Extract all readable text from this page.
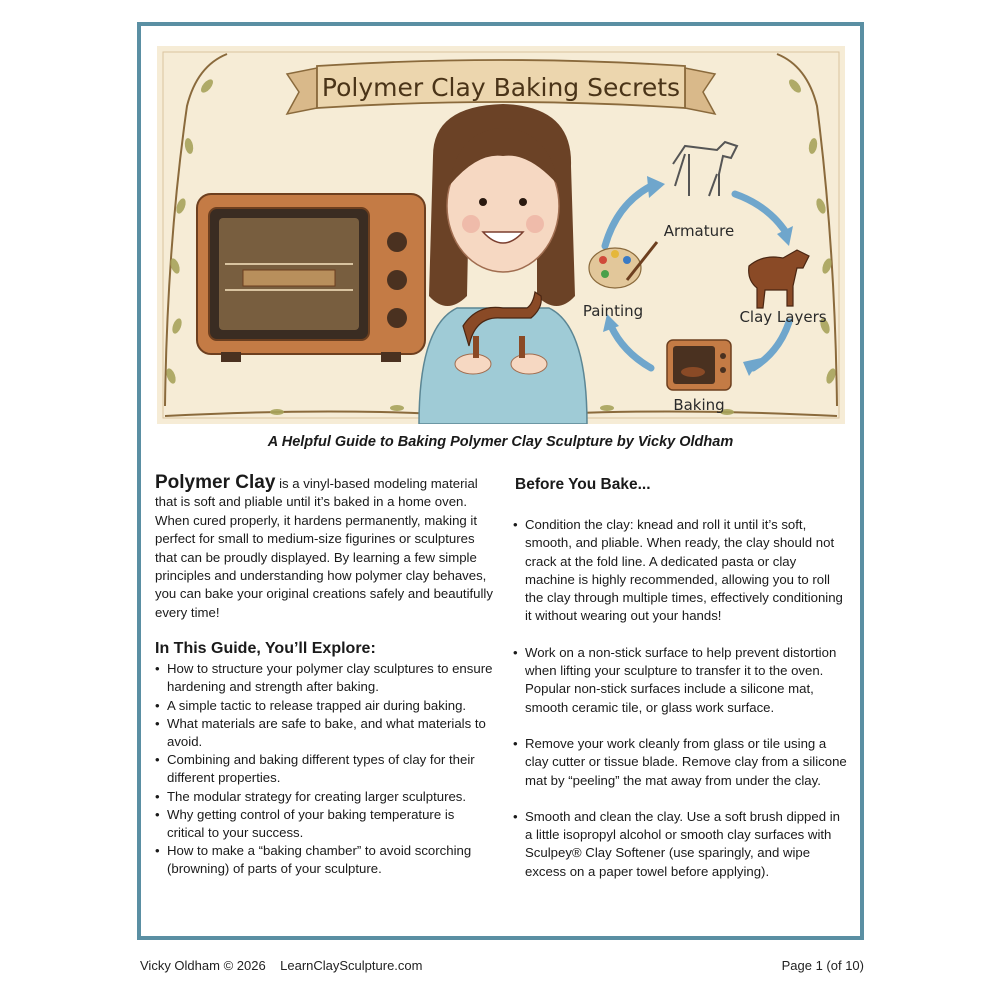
Polymer Clay Baking Secrets
Armature
Clay Layers
Baking
Painting
A Helpful Guide to Baking Polymer Clay Sculpture by Vicky Oldham

Polymer Clay is a vinyl-based modeling material that is soft and pliable until it’s baked in a home oven. When cured properly, it hardens permanently, making it perfect for small to medium-size figurines or sculptures that can be proudly displayed. By learning a few simple principles and understanding how polymer clay behaves, you can bake your original creations safely and beautifully every time!

In This Guide, You’ll Explore:
• How to structure your polymer clay sculptures to ensure hardening and strength after baking.
• A simple tactic to release trapped air during baking.
• What materials are safe to bake, and what materials to avoid.
• Combining and baking different types of clay for their different properties.
• The modular strategy for creating larger sculptures.
• Why getting control of your baking temperature is critical to your success.
• How to make a “baking chamber” to avoid scorching (browning) of parts of your sculpture.
Before You Bake...
• Condition the clay: knead and roll it until it’s soft, smooth, and pliable. When ready, the clay should not crack at the fold line. A dedicated pasta or clay machine is highly recommended, allowing you to roll the clay through multiple times, effectively conditioning it without wearing out your hands!
• Work on a non-stick surface to help prevent distortion when lifting your sculpture to transfer it to the oven. Popular non-stick surfaces include a silicone mat, smooth ceramic tile, or glass work surface.
• Remove your work cleanly from glass or tile using a clay cutter or tissue blade. Remove clay from a silicone mat by “peeling” the mat away from under the clay.
• Smooth and clean the clay. Use a soft brush dipped in a little isopropyl alcohol or smooth clay surfaces with Sculpey® Clay Softener (use sparingly, and wipe excess on a paper towel before applying).
Vicky Oldham © 2026    LearnClaySculpture.com	Page 1 (of 10)
